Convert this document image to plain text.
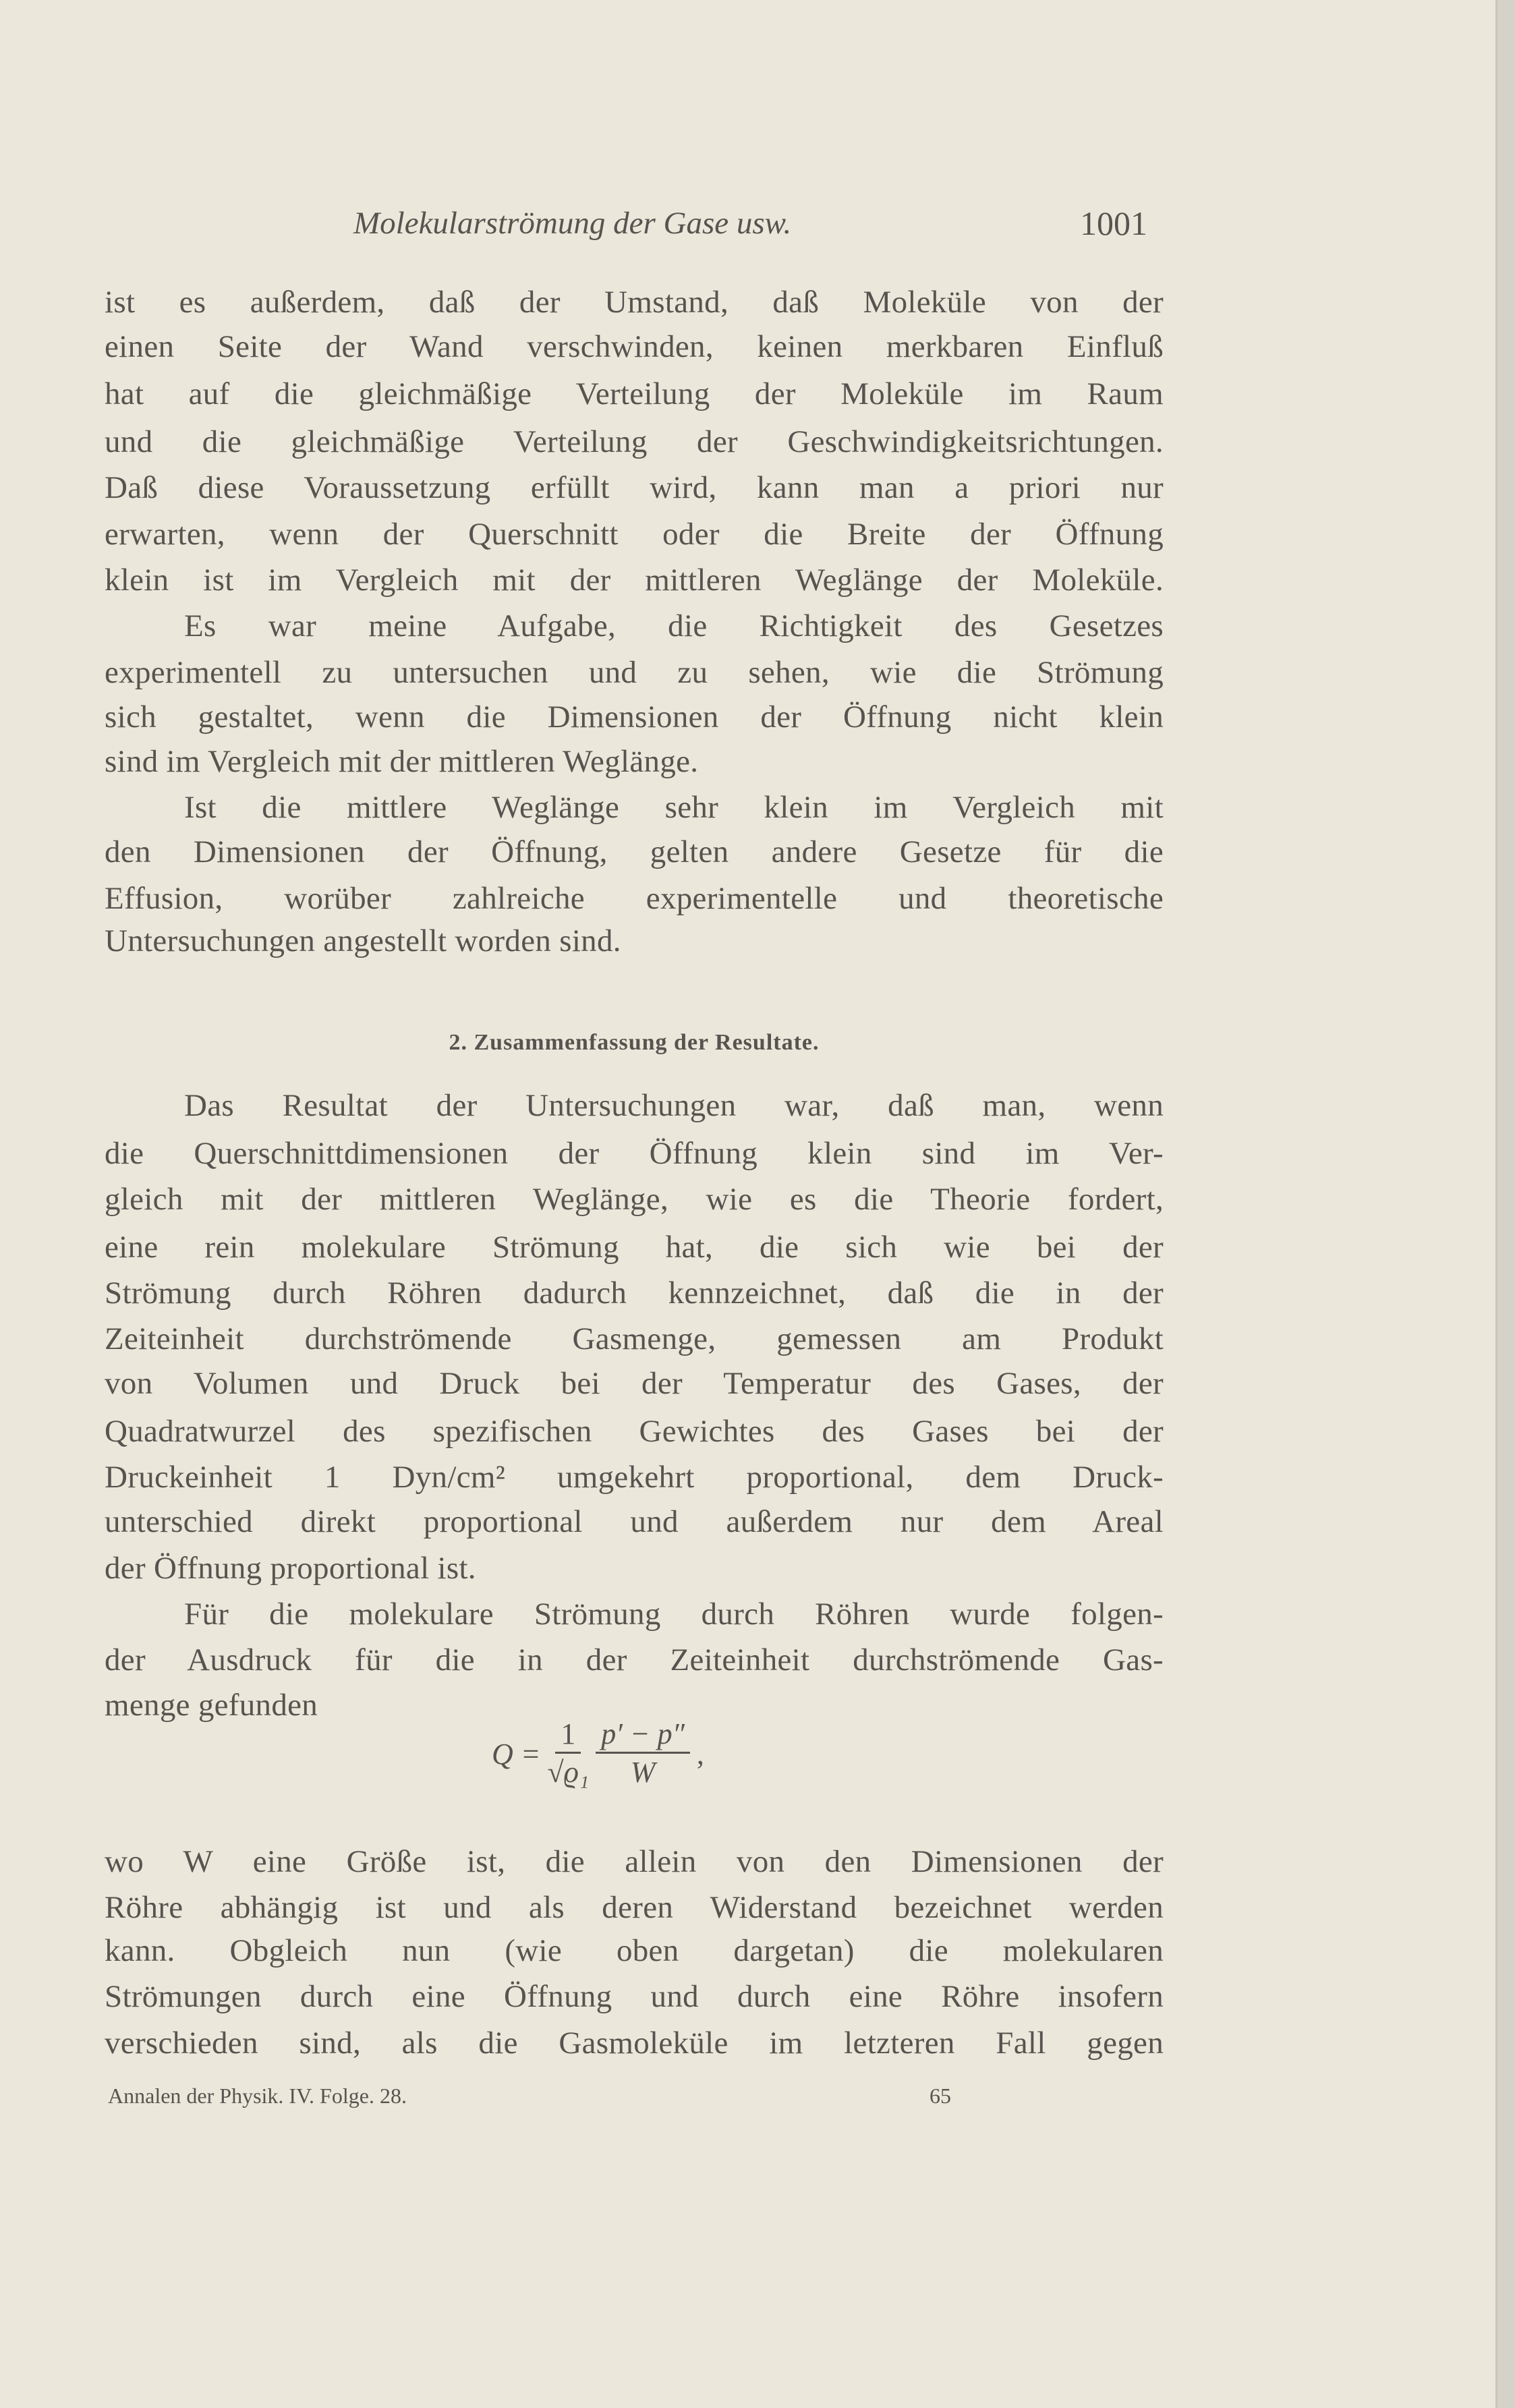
Molekularströmung der Gase usw.	1001
ist es außerdem, daß der Umstand, daß Moleküle von der
einen Seite der Wand verschwinden, keinen merkbaren Einfluß
hat auf die gleichmäßige Verteilung der Moleküle im Raum
und die gleichmäßige Verteilung der Geschwindigkeitsrichtungen.
Daß diese Voraussetzung erfüllt wird, kann man a priori nur
erwarten, wenn der Querschnitt oder die Breite der Öffnung
klein ist im Vergleich mit der mittleren Weglänge der Moleküle.
Es war meine Aufgabe, die Richtigkeit des Gesetzes
experimentell zu untersuchen und zu sehen, wie die Strömung
sich gestaltet, wenn die Dimensionen der Öffnung nicht klein
sind im Vergleich mit der mittleren Weglänge.
Ist die mittlere Weglänge sehr klein im Vergleich mit
den Dimensionen der Öffnung, gelten andere Gesetze für die
Effusion, worüber zahlreiche experimentelle und theoretische
Untersuchungen angestellt worden sind.
2. Zusammenfassung der Resultate.
Das Resultat der Untersuchungen war, daß man, wenn
die Querschnittdimensionen der Öffnung klein sind im Ver-
gleich mit der mittleren Weglänge, wie es die Theorie fordert,
eine rein molekulare Strömung hat, die sich wie bei der
Strömung durch Röhren dadurch kennzeichnet, daß die in der
Zeiteinheit durchströmende Gasmenge, gemessen am Produkt
von Volumen und Druck bei der Temperatur des Gases, der
Quadratwurzel des spezifischen Gewichtes des Gases bei der
Druckeinheit 1 Dyn/cm² umgekehrt proportional, dem Druck-
unterschied direkt proportional und außerdem nur dem Areal
der Öffnung proportional ist.
Für die molekulare Strömung durch Röhren wurde folgen-
der Ausdruck für die in der Zeiteinheit durchströmende Gas-
menge gefunden
$Q = \frac{1}{\text{√ϱ₁}} \frac{p' - p''}{W}$ ,
wo W eine Größe ist, die allein von den Dimensionen der
Röhre abhängig ist und als deren Widerstand bezeichnet werden
kann. Obgleich nun (wie oben dargetan) die molekularen
Strömungen durch eine Öffnung und durch eine Röhre insofern
verschieden sind, als die Gasmoleküle im letzteren Fall gegen
Annalen der Physik. IV. Folge. 28.	65
